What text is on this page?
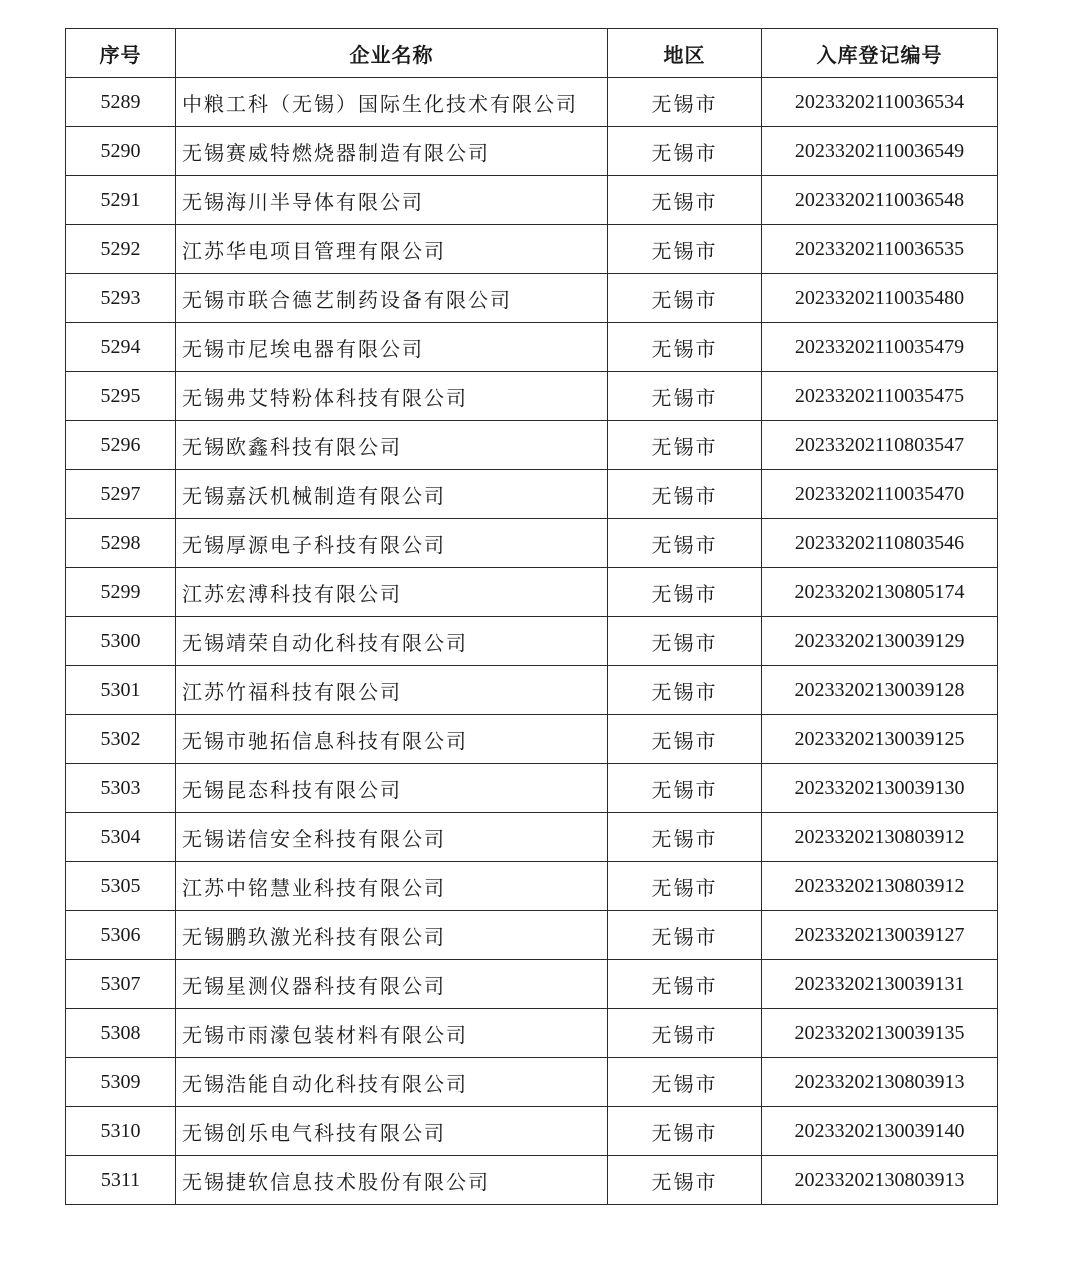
序号	企业名称	地区	入库登记编号
5289	中粮工科（无锡）国际生化技术有限公司	无锡市	20233202110036534
5290	无锡赛威特燃烧器制造有限公司	无锡市	20233202110036549
5291	无锡海川半导体有限公司	无锡市	20233202110036548
5292	江苏华电项目管理有限公司	无锡市	20233202110036535
5293	无锡市联合德艺制药设备有限公司	无锡市	20233202110035480
5294	无锡市尼埃电器有限公司	无锡市	20233202110035479
5295	无锡弗艾特粉体科技有限公司	无锡市	20233202110035475
5296	无锡欧鑫科技有限公司	无锡市	20233202110803547
5297	无锡嘉沃机械制造有限公司	无锡市	20233202110035470
5298	无锡厚源电子科技有限公司	无锡市	20233202110803546
5299	江苏宏溥科技有限公司	无锡市	20233202130805174
5300	无锡靖荣自动化科技有限公司	无锡市	20233202130039129
5301	江苏竹福科技有限公司	无锡市	20233202130039128
5302	无锡市驰拓信息科技有限公司	无锡市	20233202130039125
5303	无锡昆态科技有限公司	无锡市	20233202130039130
5304	无锡诺信安全科技有限公司	无锡市	20233202130803912
5305	江苏中铭慧业科技有限公司	无锡市	20233202130803912
5306	无锡鹏玖激光科技有限公司	无锡市	20233202130039127
5307	无锡星测仪器科技有限公司	无锡市	20233202130039131
5308	无锡市雨濛包装材料有限公司	无锡市	20233202130039135
5309	无锡浩能自动化科技有限公司	无锡市	20233202130803913
5310	无锡创乐电气科技有限公司	无锡市	20233202130039140
5311	无锡捷软信息技术股份有限公司	无锡市	20233202130803913
